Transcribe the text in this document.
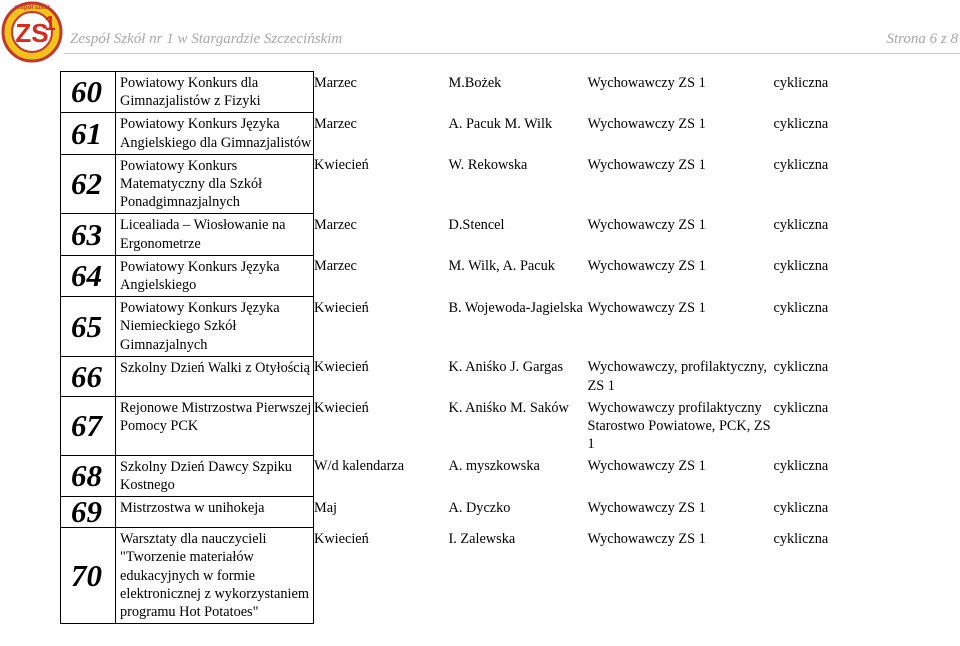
zespół szkół
ZS
1
Zespół Szkół nr 1 w Stargardzie Szczecińskim	Strona 6 z 8
60	Powiatowy Konkurs dla Gimnazjalistów z Fizyki	Marzec	M.Bożek	Wychowawczy ZS 1	cykliczna
61	Powiatowy Konkurs Języka Angielskiego dla Gimnazjalistów	Marzec	A. Pacuk M. Wilk	Wychowawczy ZS 1	cykliczna
62	Powiatowy Konkurs Matematyczny dla Szkół Ponadgimnazjalnych	Kwiecień	W. Rekowska	Wychowawczy ZS 1	cykliczna
63	Licealiada – Wiosłowanie na Ergonometrze	Marzec	D.Stencel	Wychowawczy ZS 1	cykliczna
64	Powiatowy Konkurs Języka Angielskiego	Marzec	M. Wilk, A. Pacuk	Wychowawczy ZS 1	cykliczna
65	Powiatowy Konkurs Języka Niemieckiego Szkół Gimnazjalnych	Kwiecień	B. Wojewoda-Jagielska	Wychowawczy ZS 1	cykliczna
66	Szkolny Dzień Walki z Otyłością	Kwiecień	K. Aniśko J. Gargas	Wychowawczy, profilaktyczny, ZS 1	cykliczna
67	Rejonowe Mistrzostwa Pierwszej Pomocy PCK	Kwiecień	K. Aniśko M. Saków	Wychowawczy profilaktyczny Starostwo Powiatowe, PCK, ZS 1	cykliczna
68	Szkolny Dzień Dawcy Szpiku Kostnego	W/d kalendarza	A. myszkowska	Wychowawczy ZS 1	cykliczna
69	Mistrzostwa w unihokeja	Maj	A. Dyczko	Wychowawczy ZS 1	cykliczna
70	Warsztaty dla nauczycieli "Tworzenie materiałów edukacyjnych w formie elektronicznej z wykorzystaniem programu Hot Potatoes"	Kwiecień	I. Zalewska	Wychowawczy ZS 1	cykliczna
